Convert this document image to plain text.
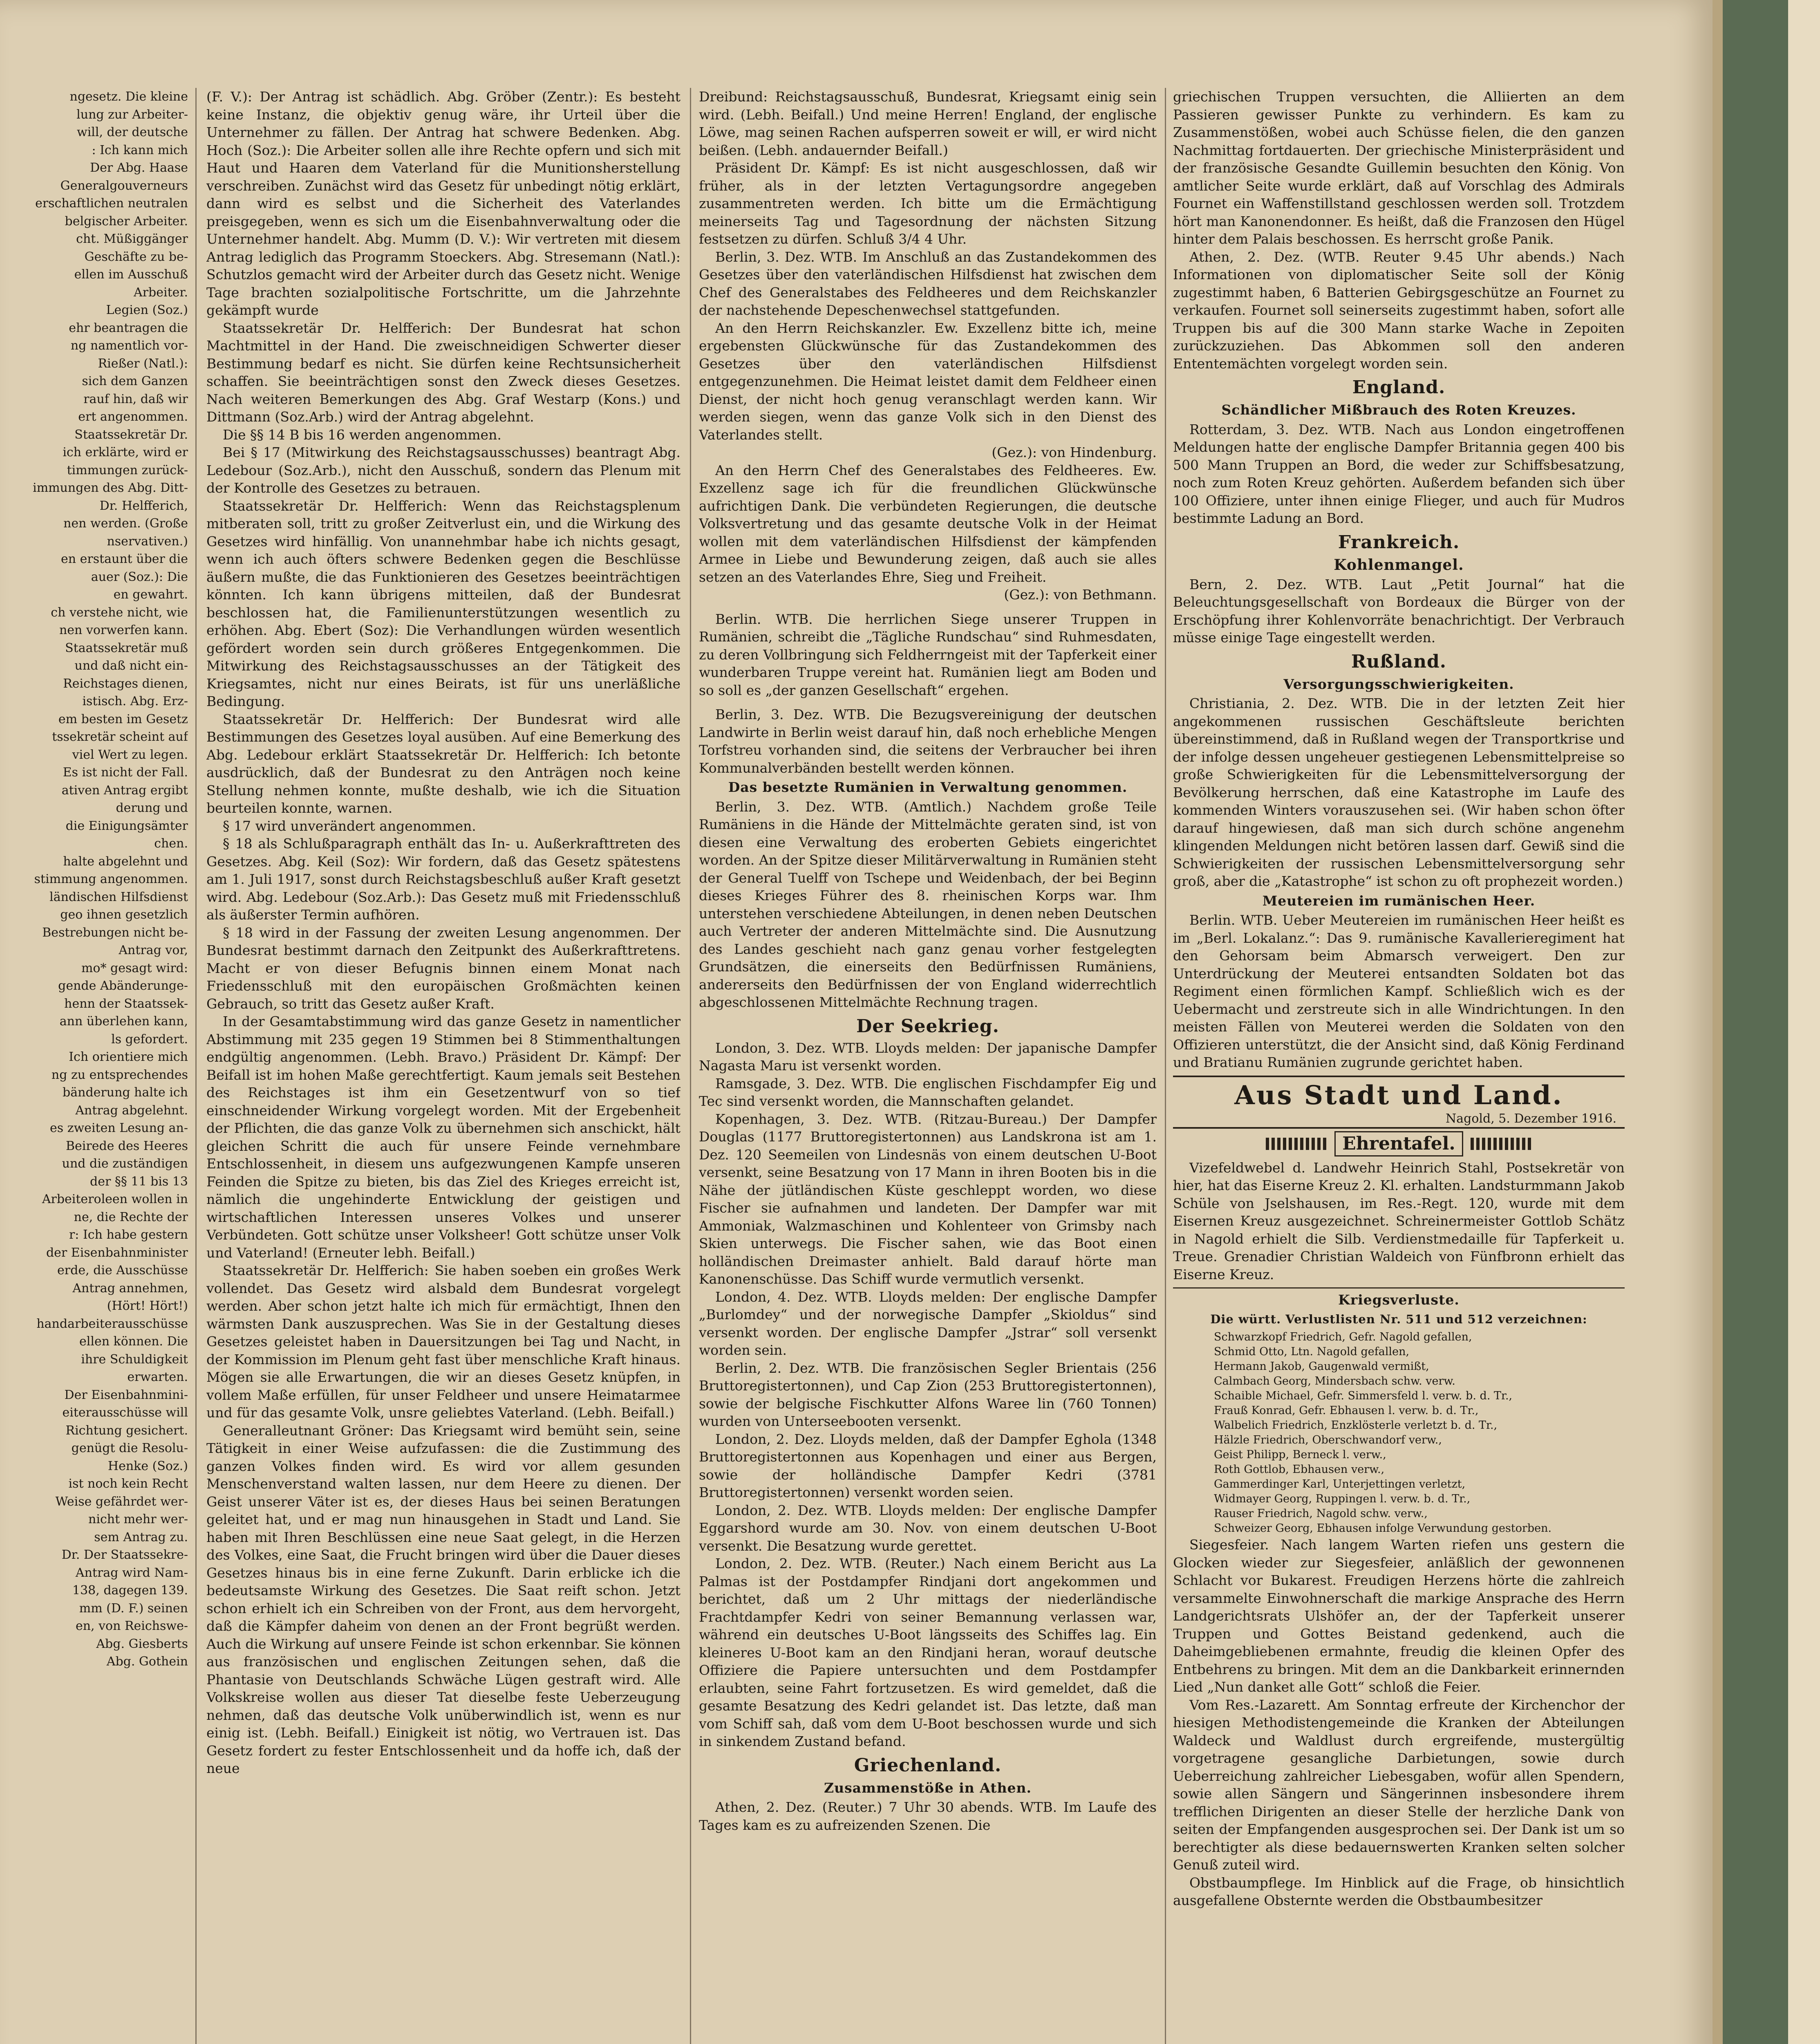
ngesetz. Die kleine
lung zur Arbeiter-
will, der deutsche
: Ich kann mich
Der Abg. Haase
Generalgouverneurs
erschaftlichen neutralen
belgischer Arbeiter.
cht. Müßiggänger
Geschäfte zu be-
ellen im Ausschuß
Arbeiter.
Legien (Soz.)
ehr beantragen die
ng namentlich vor-
Rießer (Natl.):
sich dem Ganzen
rauf hin, daß wir
ert angenommen.
Staatssekretär Dr.
ich erklärte, wird er
timmungen zurück-
immungen des Abg. Ditt-
Dr. Helfferich,
nen werden. (Große
nservativen.)
en erstaunt über die
auer (Soz.): Die
en gewahrt.
ch verstehe nicht, wie
nen vorwerfen kann.
Staatssekretär muß
und daß nicht ein-
Reichstages dienen,
istisch. Abg. Erz-
em besten im Gesetz
tssekretär scheint auf
viel Wert zu legen.
Es ist nicht der Fall.
ativen Antrag ergibt
derung und
die Einigungsämter
chen.
halte abgelehnt und
stimmung angenommen.
ländischen Hilfsdienst
geo ihnen gesetzlich
Bestrebungen nicht be-
Antrag vor,
mo* gesagt wird:
gende Abänderunge-
henn der Staatssek-
ann überlehen kann,
ls gefordert.
Ich orientiere mich
ng zu entsprechendes
bänderung halte ich
Antrag abgelehnt.
es zweiten Lesung an-
Beirede des Heeres
und die zuständigen
der §§ 11 bis 13
Arbeiteroleen wollen in
ne, die Rechte der
r: Ich habe gestern
der Eisenbahnminister
erde, die Ausschüsse
Antrag annehmen,
(Hört! Hört!)
handarbeiterausschüsse
ellen können. Die
ihre Schuldigkeit
erwarten.
Der Eisenbahnmini-
eiterausschüsse will
Richtung gesichert.
genügt die Resolu-
Henke (Soz.)
ist noch kein Recht
Weise gefährdet wer-
nicht mehr wer-
sem Antrag zu.
Dr. Der Staatssekre-
Antrag wird Nam-
138, dagegen 139.
mm (D. F.) seinen
en, von Reichswe-
Abg. Giesberts
Abg. Gothein

(F. V.): Der Antrag ist schädlich. Abg. Gröber (Zentr.): Es besteht keine Instanz, die objektiv genug wäre, ihr Urteil über die Unternehmer zu fällen. Der Antrag hat schwere Bedenken. Abg. Hoch (Soz.): Die Arbeiter sollen alle ihre Rechte opfern und sich mit Haut und Haaren dem Vaterland für die Munitionsherstellung verschreiben. Zunächst wird das Gesetz für unbedingt nötig erklärt, dann wird es selbst und die Sicherheit des Vaterlandes preisgegeben, wenn es sich um die Eisenbahnverwaltung oder die Unternehmer handelt. Abg. Mumm (D. V.): Wir vertreten mit diesem Antrag lediglich das Programm Stoeckers. Abg. Stresemann (Natl.): Schutzlos gemacht wird der Arbeiter durch das Gesetz nicht. Wenige Tage brachten sozialpolitische Fortschritte, um die Jahrzehnte gekämpft wurde

Staatssekretär Dr. Helfferich: Der Bundesrat hat schon Machtmittel in der Hand. Die zweischneidigen Schwerter dieser Bestimmung bedarf es nicht. Sie dürfen keine Rechtsunsicherheit schaffen. Sie beeinträchtigen sonst den Zweck dieses Gesetzes. Nach weiteren Bemerkungen des Abg. Graf Westarp (Kons.) und Dittmann (Soz.Arb.) wird der Antrag abgelehnt.

Die §§ 14 B bis 16 werden angenommen.

Bei § 17 (Mitwirkung des Reichstagsausschusses) beantragt Abg. Ledebour (Soz.Arb.), nicht den Ausschuß, sondern das Plenum mit der Kontrolle des Gesetzes zu betrauen.

Staatssekretär Dr. Helfferich: Wenn das Reichstagsplenum mitberaten soll, tritt zu großer Zeitverlust ein, und die Wirkung des Gesetzes wird hinfällig. Von unannehmbar habe ich nichts gesagt, wenn ich auch öfters schwere Bedenken gegen die Beschlüsse äußern mußte, die das Funktionieren des Gesetzes beeinträchtigen könnten. Ich kann übrigens mitteilen, daß der Bundesrat beschlossen hat, die Familienunterstützungen wesentlich zu erhöhen. Abg. Ebert (Soz): Die Verhandlungen würden wesentlich gefördert worden sein durch größeres Entgegenkommen. Die Mitwirkung des Reichstagsausschusses an der Tätigkeit des Kriegsamtes, nicht nur eines Beirats, ist für uns unerläßliche Bedingung.

Staatssekretär Dr. Helfferich: Der Bundesrat wird alle Bestimmungen des Gesetzes loyal ausüben. Auf eine Bemerkung des Abg. Ledebour erklärt Staatssekretär Dr. Helfferich: Ich betonte ausdrücklich, daß der Bundesrat zu den Anträgen noch keine Stellung nehmen konnte, mußte deshalb, wie ich die Situation beurteilen konnte, warnen.

§ 17 wird unverändert angenommen.

§ 18 als Schlußparagraph enthält das In- u. Außerkrafttreten des Gesetzes. Abg. Keil (Soz): Wir fordern, daß das Gesetz spätestens am 1. Juli 1917, sonst durch Reichstagsbeschluß außer Kraft gesetzt wird. Abg. Ledebour (Soz.Arb.): Das Gesetz muß mit Friedensschluß als äußerster Termin aufhören.

§ 18 wird in der Fassung der zweiten Lesung angenommen. Der Bundesrat bestimmt darnach den Zeitpunkt des Außerkrafttretens. Macht er von dieser Befugnis binnen einem Monat nach Friedensschluß mit den europäischen Großmächten keinen Gebrauch, so tritt das Gesetz außer Kraft.

In der Gesamtabstimmung wird das ganze Gesetz in namentlicher Abstimmung mit 235 gegen 19 Stimmen bei 8 Stimmenthaltungen endgültig angenommen. (Lebh. Bravo.) Präsident Dr. Kämpf: Der Beifall ist im hohen Maße gerechtfertigt. Kaum jemals seit Bestehen des Reichstages ist ihm ein Gesetzentwurf von so tief einschneidender Wirkung vorgelegt worden. Mit der Ergebenheit der Pflichten, die das ganze Volk zu übernehmen sich anschickt, hält gleichen Schritt die auch für unsere Feinde vernehmbare Entschlossenheit, in diesem uns aufgezwungenen Kampfe unseren Feinden die Spitze zu bieten, bis das Ziel des Krieges erreicht ist, nämlich die ungehinderte Entwicklung der geistigen und wirtschaftlichen Interessen unseres Volkes und unserer Verbündeten. Gott schütze unser Volksheer! Gott schütze unser Volk und Vaterland! (Erneuter lebh. Beifall.)

Staatssekretär Dr. Helfferich: Sie haben soeben ein großes Werk vollendet. Das Gesetz wird alsbald dem Bundesrat vorgelegt werden. Aber schon jetzt halte ich mich für ermächtigt, Ihnen den wärmsten Dank auszusprechen. Was Sie in der Gestaltung dieses Gesetzes geleistet haben in Dauersitzungen bei Tag und Nacht, in der Kommission im Plenum geht fast über menschliche Kraft hinaus. Mögen sie alle Erwartungen, die wir an dieses Gesetz knüpfen, in vollem Maße erfüllen, für unser Feldheer und unsere Heimatarmee und für das gesamte Volk, unsre geliebtes Vaterland. (Lebh. Beifall.)

Generalleutnant Gröner: Das Kriegsamt wird bemüht sein, seine Tätigkeit in einer Weise aufzufassen: die die Zustimmung des ganzen Volkes finden wird. Es wird vor allem gesunden Menschenverstand walten lassen, nur dem Heere zu dienen. Der Geist unserer Väter ist es, der dieses Haus bei seinen Beratungen geleitet hat, und er mag nun hinausgehen in Stadt und Land. Sie haben mit Ihren Beschlüssen eine neue Saat gelegt, in die Herzen des Volkes, eine Saat, die Frucht bringen wird über die Dauer dieses Gesetzes hinaus bis in eine ferne Zukunft. Darin erblicke ich die bedeutsamste Wirkung des Gesetzes. Die Saat reift schon. Jetzt schon erhielt ich ein Schreiben von der Front, aus dem hervorgeht, daß die Kämpfer daheim von denen an der Front begrüßt werden. Auch die Wirkung auf unsere Feinde ist schon erkennbar. Sie können aus französischen und englischen Zeitungen sehen, daß die Phantasie von Deutschlands Schwäche Lügen gestraft wird. Alle Volkskreise wollen aus dieser Tat dieselbe feste Ueberzeugung nehmen, daß das deutsche Volk unüberwindlich ist, wenn es nur einig ist. (Lebh. Beifall.) Einigkeit ist nötig, wo Vertrauen ist. Das Gesetz fordert zu fester Entschlossenheit und da hoffe ich, daß der neue

Dreibund: Reichstagsausschuß, Bundesrat, Kriegsamt einig sein wird. (Lebh. Beifall.) Und meine Herren! England, der englische Löwe, mag seinen Rachen aufsperren soweit er will, er wird nicht beißen. (Lebh. andauernder Beifall.)

Präsident Dr. Kämpf: Es ist nicht ausgeschlossen, daß wir früher, als in der letzten Vertagungsordre angegeben zusammentreten werden. Ich bitte um die Ermächtigung meinerseits Tag und Tagesordnung der nächsten Sitzung festsetzen zu dürfen. Schluß 3/4 4 Uhr.

Berlin, 3. Dez. WTB. Im Anschluß an das Zustandekommen des Gesetzes über den vaterländischen Hilfsdienst hat zwischen dem Chef des Generalstabes des Feldheeres und dem Reichskanzler der nachstehende Depeschenwechsel stattgefunden.

An den Herrn Reichskanzler. Ew. Exzellenz bitte ich, meine ergebensten Glückwünsche für das Zustandekommen des Gesetzes über den vaterländischen Hilfsdienst entgegenzunehmen. Die Heimat leistet damit dem Feldheer einen Dienst, der nicht hoch genug veranschlagt werden kann. Wir werden siegen, wenn das ganze Volk sich in den Dienst des Vaterlandes stellt.

(Gez.): von Hindenburg.

An den Herrn Chef des Generalstabes des Feldheeres. Ew. Exzellenz sage ich für die freundlichen Glückwünsche aufrichtigen Dank. Die verbündeten Regierungen, die deutsche Volksvertretung und das gesamte deutsche Volk in der Heimat wollen mit dem vaterländischen Hilfsdienst der kämpfenden Armee in Liebe und Bewunderung zeigen, daß auch sie alles setzen an des Vaterlandes Ehre, Sieg und Freiheit.

(Gez.): von Bethmann.

Berlin. WTB. Die herrlichen Siege unserer Truppen in Rumänien, schreibt die „Tägliche Rundschau“ sind Ruhmesdaten, zu deren Vollbringung sich Feldherrngeist mit der Tapferkeit einer wunderbaren Truppe vereint hat. Rumänien liegt am Boden und so soll es „der ganzen Gesellschaft“ ergehen.

Berlin, 3. Dez. WTB. Die Bezugsvereinigung der deutschen Landwirte in Berlin weist darauf hin, daß noch erhebliche Mengen Torfstreu vorhanden sind, die seitens der Verbraucher bei ihren Kommunalverbänden bestellt werden können.

Das besetzte Rumänien in Verwaltung genommen.

Berlin, 3. Dez. WTB. (Amtlich.) Nachdem große Teile Rumäniens in die Hände der Mittelmächte geraten sind, ist von diesen eine Verwaltung des eroberten Gebiets eingerichtet worden. An der Spitze dieser Militärverwaltung in Rumänien steht der General Tuelff von Tschepe und Weidenbach, der bei Beginn dieses Krieges Führer des 8. rheinischen Korps war. Ihm unterstehen verschiedene Abteilungen, in denen neben Deutschen auch Vertreter der anderen Mittelmächte sind. Die Ausnutzung des Landes geschieht nach ganz genau vorher festgelegten Grundsätzen, die einerseits den Bedürfnissen Rumäniens, andererseits den Bedürfnissen der von England widerrechtlich abgeschlossenen Mittelmächte Rechnung tragen.

Der Seekrieg.

London, 3. Dez. WTB. Lloyds melden: Der japanische Dampfer Nagasta Maru ist versenkt worden.

Ramsgade, 3. Dez. WTB. Die englischen Fischdampfer Eig und Tec sind versenkt worden, die Mannschaften gelandet.

Kopenhagen, 3. Dez. WTB. (Ritzau-Bureau.) Der Dampfer Douglas (1177 Bruttoregistertonnen) aus Landskrona ist am 1. Dez. 120 Seemeilen von Lindesnäs von einem deutschen U-Boot versenkt, seine Besatzung von 17 Mann in ihren Booten bis in die Nähe der jütländischen Küste geschleppt worden, wo diese Fischer sie aufnahmen und landeten. Der Dampfer war mit Ammoniak, Walzmaschinen und Kohlenteer von Grimsby nach Skien unterwegs. Die Fischer sahen, wie das Boot einen holländischen Dreimaster anhielt. Bald darauf hörte man Kanonenschüsse. Das Schiff wurde vermutlich versenkt.

London, 4. Dez. WTB. Lloyds melden: Der englische Dampfer „Burlomdey“ und der norwegische Dampfer „Skioldus“ sind versenkt worden. Der englische Dampfer „Jstrar“ soll versenkt worden sein.

Berlin, 2. Dez. WTB. Die französischen Segler Brientais (256 Bruttoregistertonnen), und Cap Zion (253 Bruttoregistertonnen), sowie der belgische Fischkutter Alfons Waree lin (760 Tonnen) wurden von Unterseebooten versenkt.

London, 2. Dez. Lloyds melden, daß der Dampfer Eghola (1348 Bruttoregistertonnen aus Kopenhagen und einer aus Bergen, sowie der holländische Dampfer Kedri (3781 Bruttoregistertonnen) versenkt worden seien.

London, 2. Dez. WTB. Lloyds melden: Der englische Dampfer Eggarshord wurde am 30. Nov. von einem deutschen U-Boot versenkt. Die Besatzung wurde gerettet.

London, 2. Dez. WTB. (Reuter.) Nach einem Bericht aus La Palmas ist der Postdampfer Rindjani dort angekommen und berichtet, daß um 2 Uhr mittags der niederländische Frachtdampfer Kedri von seiner Bemannung verlassen war, während ein deutsches U-Boot längsseits des Schiffes lag. Ein kleineres U-Boot kam an den Rindjani heran, worauf deutsche Offiziere die Papiere untersuchten und dem Postdampfer erlaubten, seine Fahrt fortzusetzen. Es wird gemeldet, daß die gesamte Besatzung des Kedri gelandet ist. Das letzte, daß man vom Schiff sah, daß vom dem U-Boot beschossen wurde und sich in sinkendem Zustand befand.

Griechenland.
Zusammenstöße in Athen.

Athen, 2. Dez. (Reuter.) 7 Uhr 30 abends. WTB. Im Laufe des Tages kam es zu aufreizenden Szenen. Die

griechischen Truppen versuchten, die Alliierten an dem Passieren gewisser Punkte zu verhindern. Es kam zu Zusammenstößen, wobei auch Schüsse fielen, die den ganzen Nachmittag fortdauerten. Der griechische Ministerpräsident und der französische Gesandte Guillemin besuchten den König. Von amtlicher Seite wurde erklärt, daß auf Vorschlag des Admirals Fournet ein Waffenstillstand geschlossen werden soll. Trotzdem hört man Kanonendonner. Es heißt, daß die Franzosen den Hügel hinter dem Palais beschossen. Es herrscht große Panik.

Athen, 2. Dez. (WTB. Reuter 9.45 Uhr abends.) Nach Informationen von diplomatischer Seite soll der König zugestimmt haben, 6 Batterien Gebirgsgeschütze an Fournet zu verkaufen. Fournet soll seinerseits zugestimmt haben, sofort alle Truppen bis auf die 300 Mann starke Wache in Zepoiten zurückzuziehen. Das Abkommen soll den anderen Ententemächten vorgelegt worden sein.

England.
Schändlicher Mißbrauch des Roten Kreuzes.

Rotterdam, 3. Dez. WTB. Nach aus London eingetroffenen Meldungen hatte der englische Dampfer Britannia gegen 400 bis 500 Mann Truppen an Bord, die weder zur Schiffsbesatzung, noch zum Roten Kreuz gehörten. Außerdem befanden sich über 100 Offiziere, unter ihnen einige Flieger, und auch für Mudros bestimmte Ladung an Bord.

Frankreich.
Kohlenmangel.

Bern, 2. Dez. WTB. Laut „Petit Journal“ hat die Beleuchtungsgesellschaft von Bordeaux die Bürger von der Erschöpfung ihrer Kohlenvorräte benachrichtigt. Der Verbrauch müsse einige Tage eingestellt werden.

Rußland.
Versorgungsschwierigkeiten.

Christiania, 2. Dez. WTB. Die in der letzten Zeit hier angekommenen russischen Geschäftsleute berichten übereinstimmend, daß in Rußland wegen der Transportkrise und der infolge dessen ungeheuer gestiegenen Lebensmittelpreise so große Schwierigkeiten für die Lebensmittelversorgung der Bevölkerung herrschen, daß eine Katastrophe im Laufe des kommenden Winters vorauszusehen sei. (Wir haben schon öfter darauf hingewiesen, daß man sich durch schöne angenehm klingenden Meldungen nicht betören lassen darf. Gewiß sind die Schwierigkeiten der russischen Lebensmittelversorgung sehr groß, aber die „Katastrophe“ ist schon zu oft prophezeit worden.)

Meutereien im rumänischen Heer.

Berlin. WTB. Ueber Meutereien im rumänischen Heer heißt es im „Berl. Lokalanz.“: Das 9. rumänische Kavallerieregiment hat den Gehorsam beim Abmarsch verweigert. Den zur Unterdrückung der Meuterei entsandten Soldaten bot das Regiment einen förmlichen Kampf. Schließlich wich es der Uebermacht und zerstreute sich in alle Windrichtungen. In den meisten Fällen von Meuterei werden die Soldaten von den Offizieren unterstützt, die der Ansicht sind, daß König Ferdinand und Bratianu Rumänien zugrunde gerichtet haben.

Aus Stadt und Land.
Nagold, 5. Dezember 1916.
Ehrentafel.

Vizefeldwebel d. Landwehr Heinrich Stahl, Postsekretär von hier, hat das Eiserne Kreuz 2. Kl. erhalten. Landsturmmann Jakob Schüle von Jselshausen, im Res.-Regt. 120, wurde mit dem Eisernen Kreuz ausgezeichnet. Schreinermeister Gottlob Schätz in Nagold erhielt die Silb. Verdienstmedaille für Tapferkeit u. Treue. Grenadier Christian Waldeich von Fünfbronn erhielt das Eiserne Kreuz.

Kriegsverluste.
Die württ. Verlustlisten Nr. 511 und 512 verzeichnen:

Schwarzkopf Friedrich, Gefr. Nagold gefallen,

Schmid Otto, Ltn. Nagold gefallen,

Hermann Jakob, Gaugenwald vermißt,

Calmbach Georg, Mindersbach schw. verw.

Schaible Michael, Gefr. Simmersfeld l. verw. b. d. Tr.,

Frauß Konrad, Gefr. Ebhausen l. verw. b. d. Tr.,

Walbelich Friedrich, Enzklösterle verletzt b. d. Tr.,

Hälzle Friedrich, Oberschwandorf verw.,

Geist Philipp, Berneck l. verw.,

Roth Gottlob, Ebhausen verw.,

Gammerdinger Karl, Unterjettingen verletzt,

Widmayer Georg, Ruppingen l. verw. b. d. Tr.,

Rauser Friedrich, Nagold schw. verw.,

Schweizer Georg, Ebhausen infolge Verwundung gestorben.

Siegesfeier. Nach langem Warten riefen uns gestern die Glocken wieder zur Siegesfeier, anläßlich der gewonnenen Schlacht vor Bukarest. Freudigen Herzens hörte die zahlreich versammelte Einwohnerschaft die markige Ansprache des Herrn Landgerichtsrats Ulshöfer an, der der Tapferkeit unserer Truppen und Gottes Beistand gedenkend, auch die Daheimgebliebenen ermahnte, freudig die kleinen Opfer des Entbehrens zu bringen. Mit dem an die Dankbarkeit erinnernden Lied „Nun danket alle Gott“ schloß die Feier.

Vom Res.-Lazarett. Am Sonntag erfreute der Kirchenchor der hiesigen Methodistengemeinde die Kranken der Abteilungen Waldeck und Waldlust durch ergreifende, mustergültig vorgetragene gesangliche Darbietungen, sowie durch Ueberreichung zahlreicher Liebesgaben, wofür allen Spendern, sowie allen Sängern und Sängerinnen insbesondere ihrem trefflichen Dirigenten an dieser Stelle der herzliche Dank von seiten der Empfangenden ausgesprochen sei. Der Dank ist um so berechtigter als diese bedauernswerten Kranken selten solcher Genuß zuteil wird.

Obstbaumpflege. Im Hinblick auf die Frage, ob hinsichtlich ausgefallene Obsternte werden die Obstbaumbesitzer
